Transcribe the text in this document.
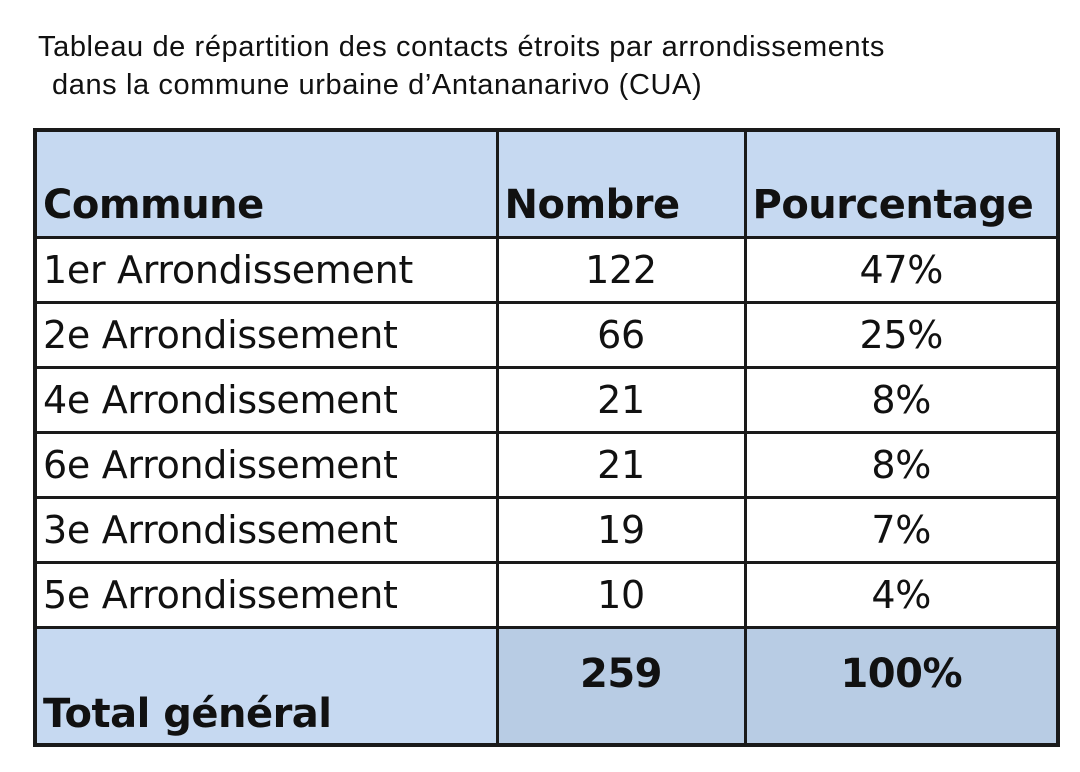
Tableau de répartition des contacts étroits par arrondissements
dans la commune urbaine d’Antananarivo (CUA)
Commune	Nombre	Pourcentage
1er Arrondissement	122	47%
2e Arrondissement	66	25%
4e Arrondissement	21	8%
6e Arrondissement	21	8%
3e Arrondissement	19	7%
5e Arrondissement	10	4%
Total général	259	100%
